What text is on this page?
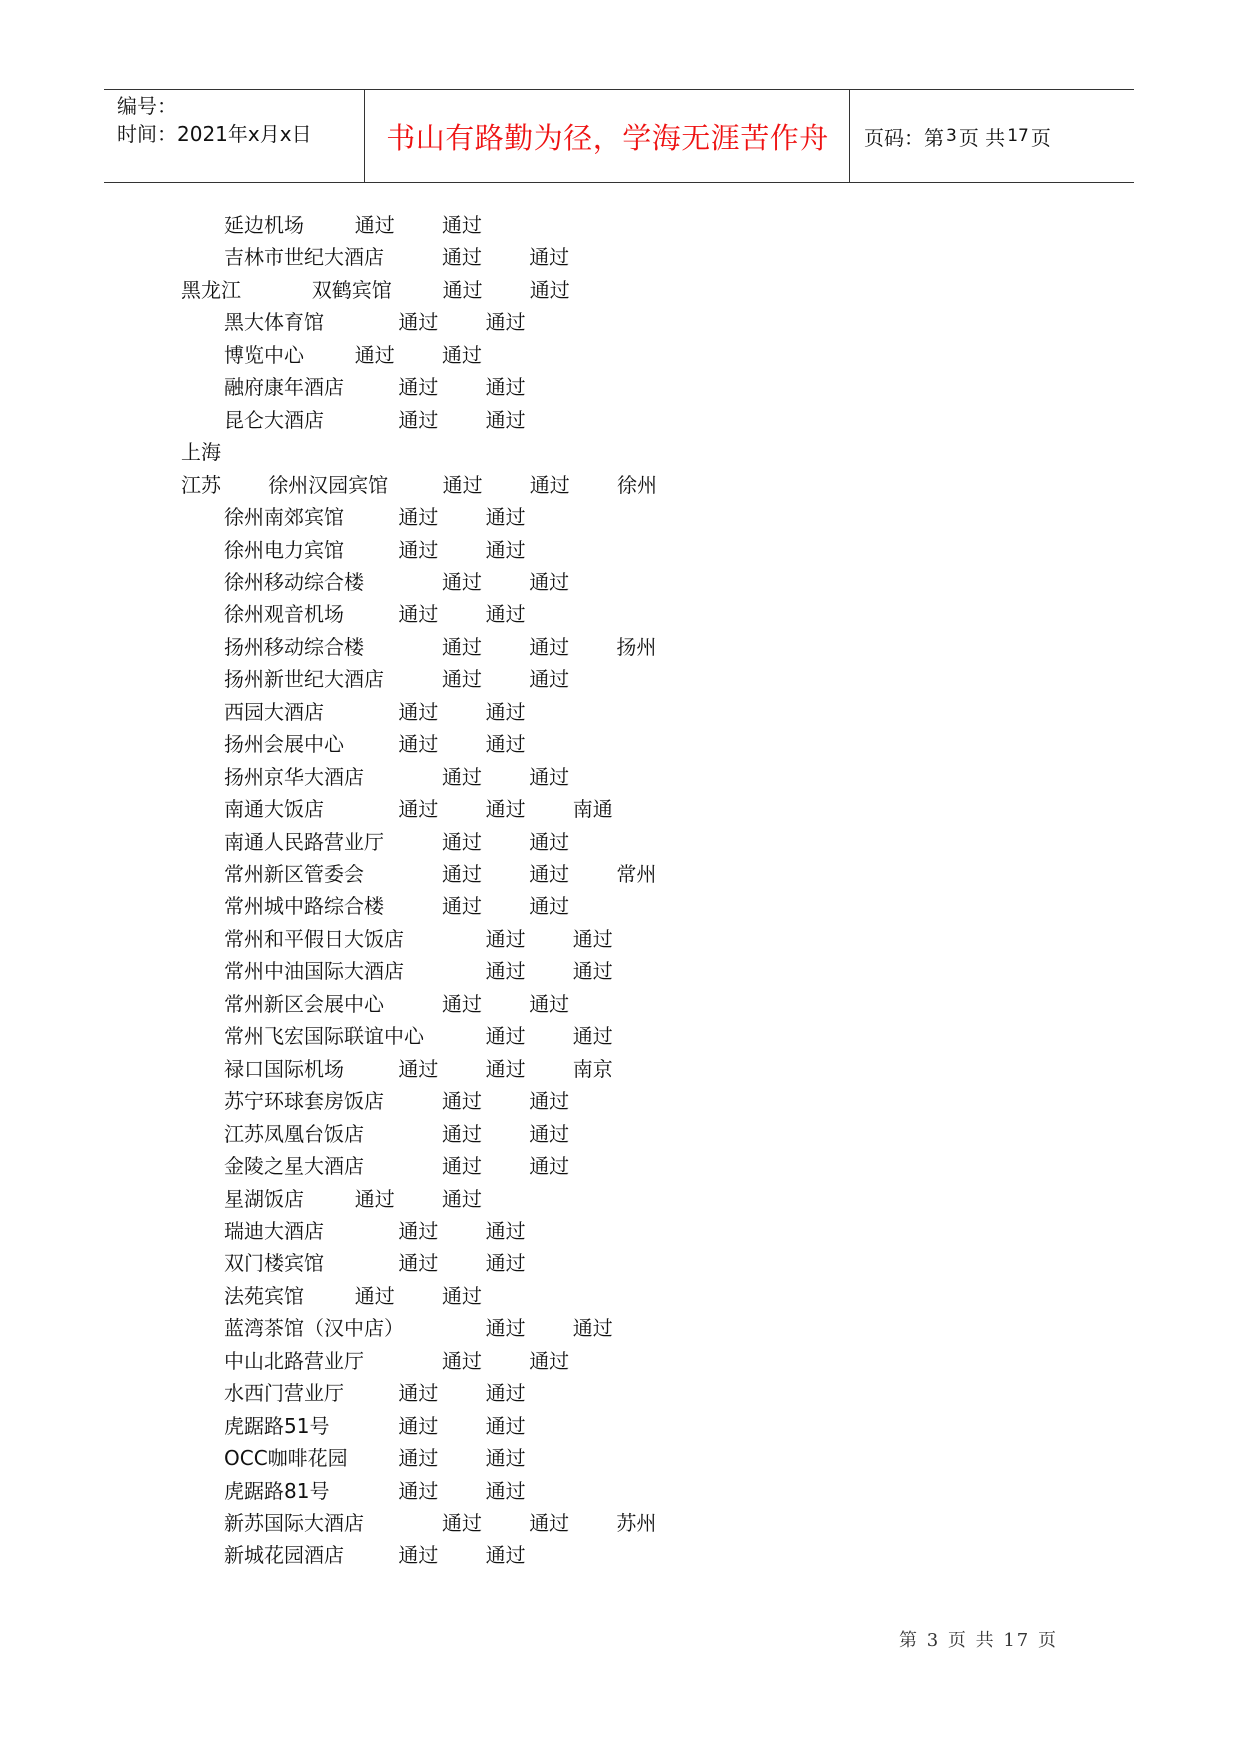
编号：
时间：2021年x月x日	书山有路勤为径，学海无涯苦作舟	页码：第 3 页 共 17 页
延边机场	通过 通过
吉林市世纪大酒店	通过 通过
黑龙江	双鹤宾馆	通过 通过
黑大体育馆	通过 通过
博览中心	通过 通过
融府康年酒店	通过 通过
昆仑大酒店	通过 通过
上海
江苏 徐州汉园宾馆	通过 通过 徐州
徐州南郊宾馆	通过 通过
徐州电力宾馆	通过 通过
徐州移动综合楼	通过 通过
徐州观音机场	通过 通过
扬州移动综合楼	通过 通过 扬州
扬州新世纪大酒店	通过 通过
西园大酒店	通过 通过
扬州会展中心	通过 通过
扬州京华大酒店	通过 通过
南通大饭店	通过 通过 南通
南通人民路营业厅	通过 通过
常州新区管委会	通过 通过 常州
常州城中路综合楼	通过 通过
常州和平假日大饭店	通过 通过
常州中油国际大酒店	通过 通过
常州新区会展中心	通过 通过
常州飞宏国际联谊中心	通过 通过
禄口国际机场	通过 通过 南京
苏宁环球套房饭店	通过 通过
江苏凤凰台饭店	通过 通过
金陵之星大酒店	通过 通过
星湖饭店	通过 通过
瑞迪大酒店	通过 通过
双门楼宾馆	通过 通过
法苑宾馆	通过 通过
蓝湾茶馆（汉中店）	通过 通过
中山北路营业厅	通过 通过
水西门营业厅	通过 通过
虎踞路51号	通过 通过
OCC咖啡花园	通过 通过
虎踞路81号	通过 通过
新苏国际大酒店	通过 通过 苏州
新城花园酒店	通过 通过
第 3 页 共 17 页
